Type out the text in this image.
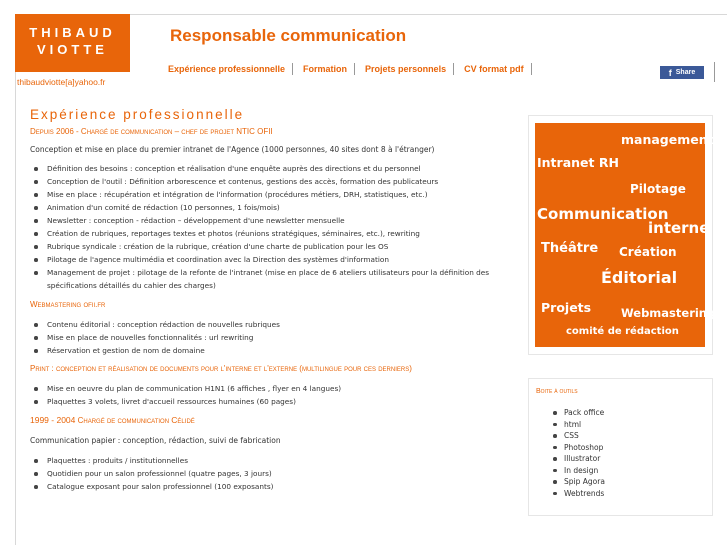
THIBAUD
VIOTTE
thibaudviotte[a]yahoo.fr
Responsable communication
Expérience professionnelle	Formation	Projets personnels	CV format pdf	f Share
Expérience professionnelle
Depuis 2006 - Chargé de communication – chef de projet NTIC OFII
Conception et mise en place du premier intranet de l'Agence (1000 personnes, 40 sites dont 8 à l'étranger)
Définition des besoins : conception et réalisation d'une enquête auprès des directions et du personnel
Conception de l'outil : Définition arborescence et contenus, gestions des accès, formation des publicateurs
Mise en place : récupération et intégration de l'information (procédures métiers, DRH, statistiques, etc.)
Animation d'un comité de rédaction (10 personnes, 1 fois/mois)
Newsletter : conception - rédaction – développement d'une newsletter mensuelle
Création de rubriques, reportages textes et photos (réunions stratégiques, séminaires, etc.), rewriting
Rubrique syndicale : création de la rubrique, création d'une charte de publication pour les OS
Pilotage de l'agence multimédia et coordination avec la Direction des systèmes d'information
Management de projet : pilotage de la refonte de l'intranet (mise en place de 6 ateliers utilisateurs pour la définition des spécifications détaillés du cahier des charges)
Webmastering ofii.fr
Contenu éditorial : conception rédaction de nouvelles rubriques
Mise en place de nouvelles fonctionnalités : url rewriting
Réservation et gestion de nom de domaine
Print : conception et réalisation de documents pour l'interne et l'externe (multilingue pour ces derniers)
Mise en oeuvre du plan de communication H1N1 (6 affiches , flyer en 4 langues)
Plaquettes 3 volets, livret d'accueil ressources humaines (60 pages)
1999 - 2004 Chargé de communication Célidé
Communication papier : conception, rédaction, suivi de fabrication
Plaquettes : produits / institutionnelles
Quotidien pour un salon professionnel (quatre pages, 3 jours)
Catalogue exposant pour salon professionnel (100 exposants)
management
Intranet RH
Pilotage
Communication
interne
Théâtre Création
Éditorial
Projets	Webmastering
comité de rédaction
Boite à outils
Pack office
html
CSS
Photoshop
Illustrator
In design
Spip Agora
Webtrends
